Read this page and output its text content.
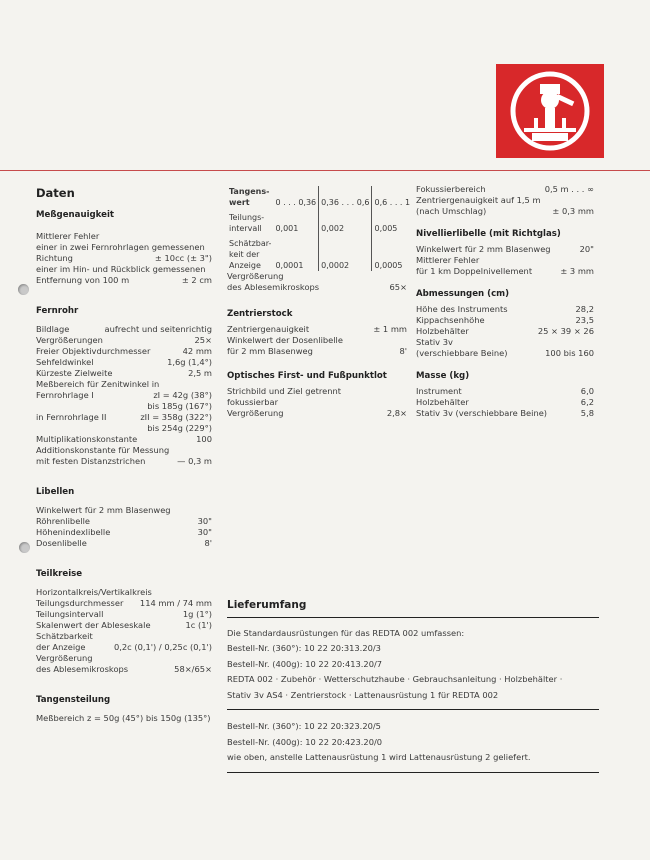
Daten
Meßgenauigkeit
Mittlerer Fehler
einer in zwei Fernrohrlagen gemessenen
Richtung	± 10cc (± 3")
einer im Hin- und Rückblick gemessenen
Entfernung von 100 m	± 2 cm
Fernrohr
Bildlage	aufrecht und seitenrichtig
Vergrößerungen	25×
Freier Objektivdurchmesser	42 mm
Sehfeldwinkel	1,6g (1,4°)
Kürzeste Zielweite	2,5 m
Meßbereich für Zenitwinkel in
Fernrohrlage I	zI = 42g (38°)
bis 185g (167°)
in Fernrohrlage II	zII = 358g (322°)
bis 254g (229°)
Multiplikationskonstante	100
Additionskonstante für Messung
mit festen Distanzstrichen	— 0,3 m
Libellen
Winkelwert für 2 mm Blasenweg
Röhrenlibelle	30"
Höhenindexlibelle	30"
Dosenlibelle	8'
Teilkreise
Horizontalkreis/Vertikalkreis
Teilungsdurchmesser 114 mm / 74 mm
Teilungsintervall	1g (1°)
Skalenwert der Ableseskale	1c (1')
Schätzbarkeit
der Anzeige	0,2c (0,1') / 0,25c (0,1')
Vergrößerung
des Ablesemikroskops	58×/65×
Tangensteilung
Meßbereich z = 50g (45°) bis 150g (135°)
Tangens-
wert	0 . . . 0,36	0,36 . . . 0,6	0,6 . . . 1

Teilungs-
intervall	0,001	0,002	0,005

Schätzbar-
keit der
Anzeige	0,0001	0,0002	0,0005
Vergrößerung
des Ablesemikroskops	65×
Zentrierstock
Zentriergenauigkeit	± 1 mm
Winkelwert der Dosenlibelle
für 2 mm Blasenweg	8'
Optisches First- und Fußpunktlot
Strichbild und Ziel getrennt
fokussierbar
Vergrößerung	2,8×
Fokussierbereich	0,5 m . . . ∞
Zentriergenauigkeit auf 1,5 m
(nach Umschlag)	± 0,3 mm
Nivellierlibelle (mit Richtglas)
Winkelwert für 2 mm Blasenweg	20"
Mittlerer Fehler
für 1 km Doppelnivellement	± 3 mm
Abmessungen (cm)
Höhe des Instruments	28,2
Kippachsenhöhe	23,5
Holzbehälter	25 × 39 × 26
Stativ 3v
(verschiebbare Beine)	100 bis 160
Masse (kg)
Instrument	6,0
Holzbehälter	6,2
Stativ 3v (verschiebbare Beine)	5,8
Lieferumfang
Die Standardausrüstungen für das REDTA 002 umfassen:
Bestell-Nr. (360°): 10 22 20:313.20/3
Bestell-Nr. (400g): 10 22 20:413.20/7
REDTA 002 · Zubehör · Wetterschutzhaube · Gebrauchsanleitung · Holzbehälter ·
Stativ 3v AS4 · Zentrierstock · Lattenausrüstung 1 für REDTA 002
Bestell-Nr. (360°): 10 22 20:323.20/5
Bestell-Nr. (400g): 10 22 20:423.20/0
wie oben, anstelle Lattenausrüstung 1 wird Lattenausrüstung 2 geliefert.
